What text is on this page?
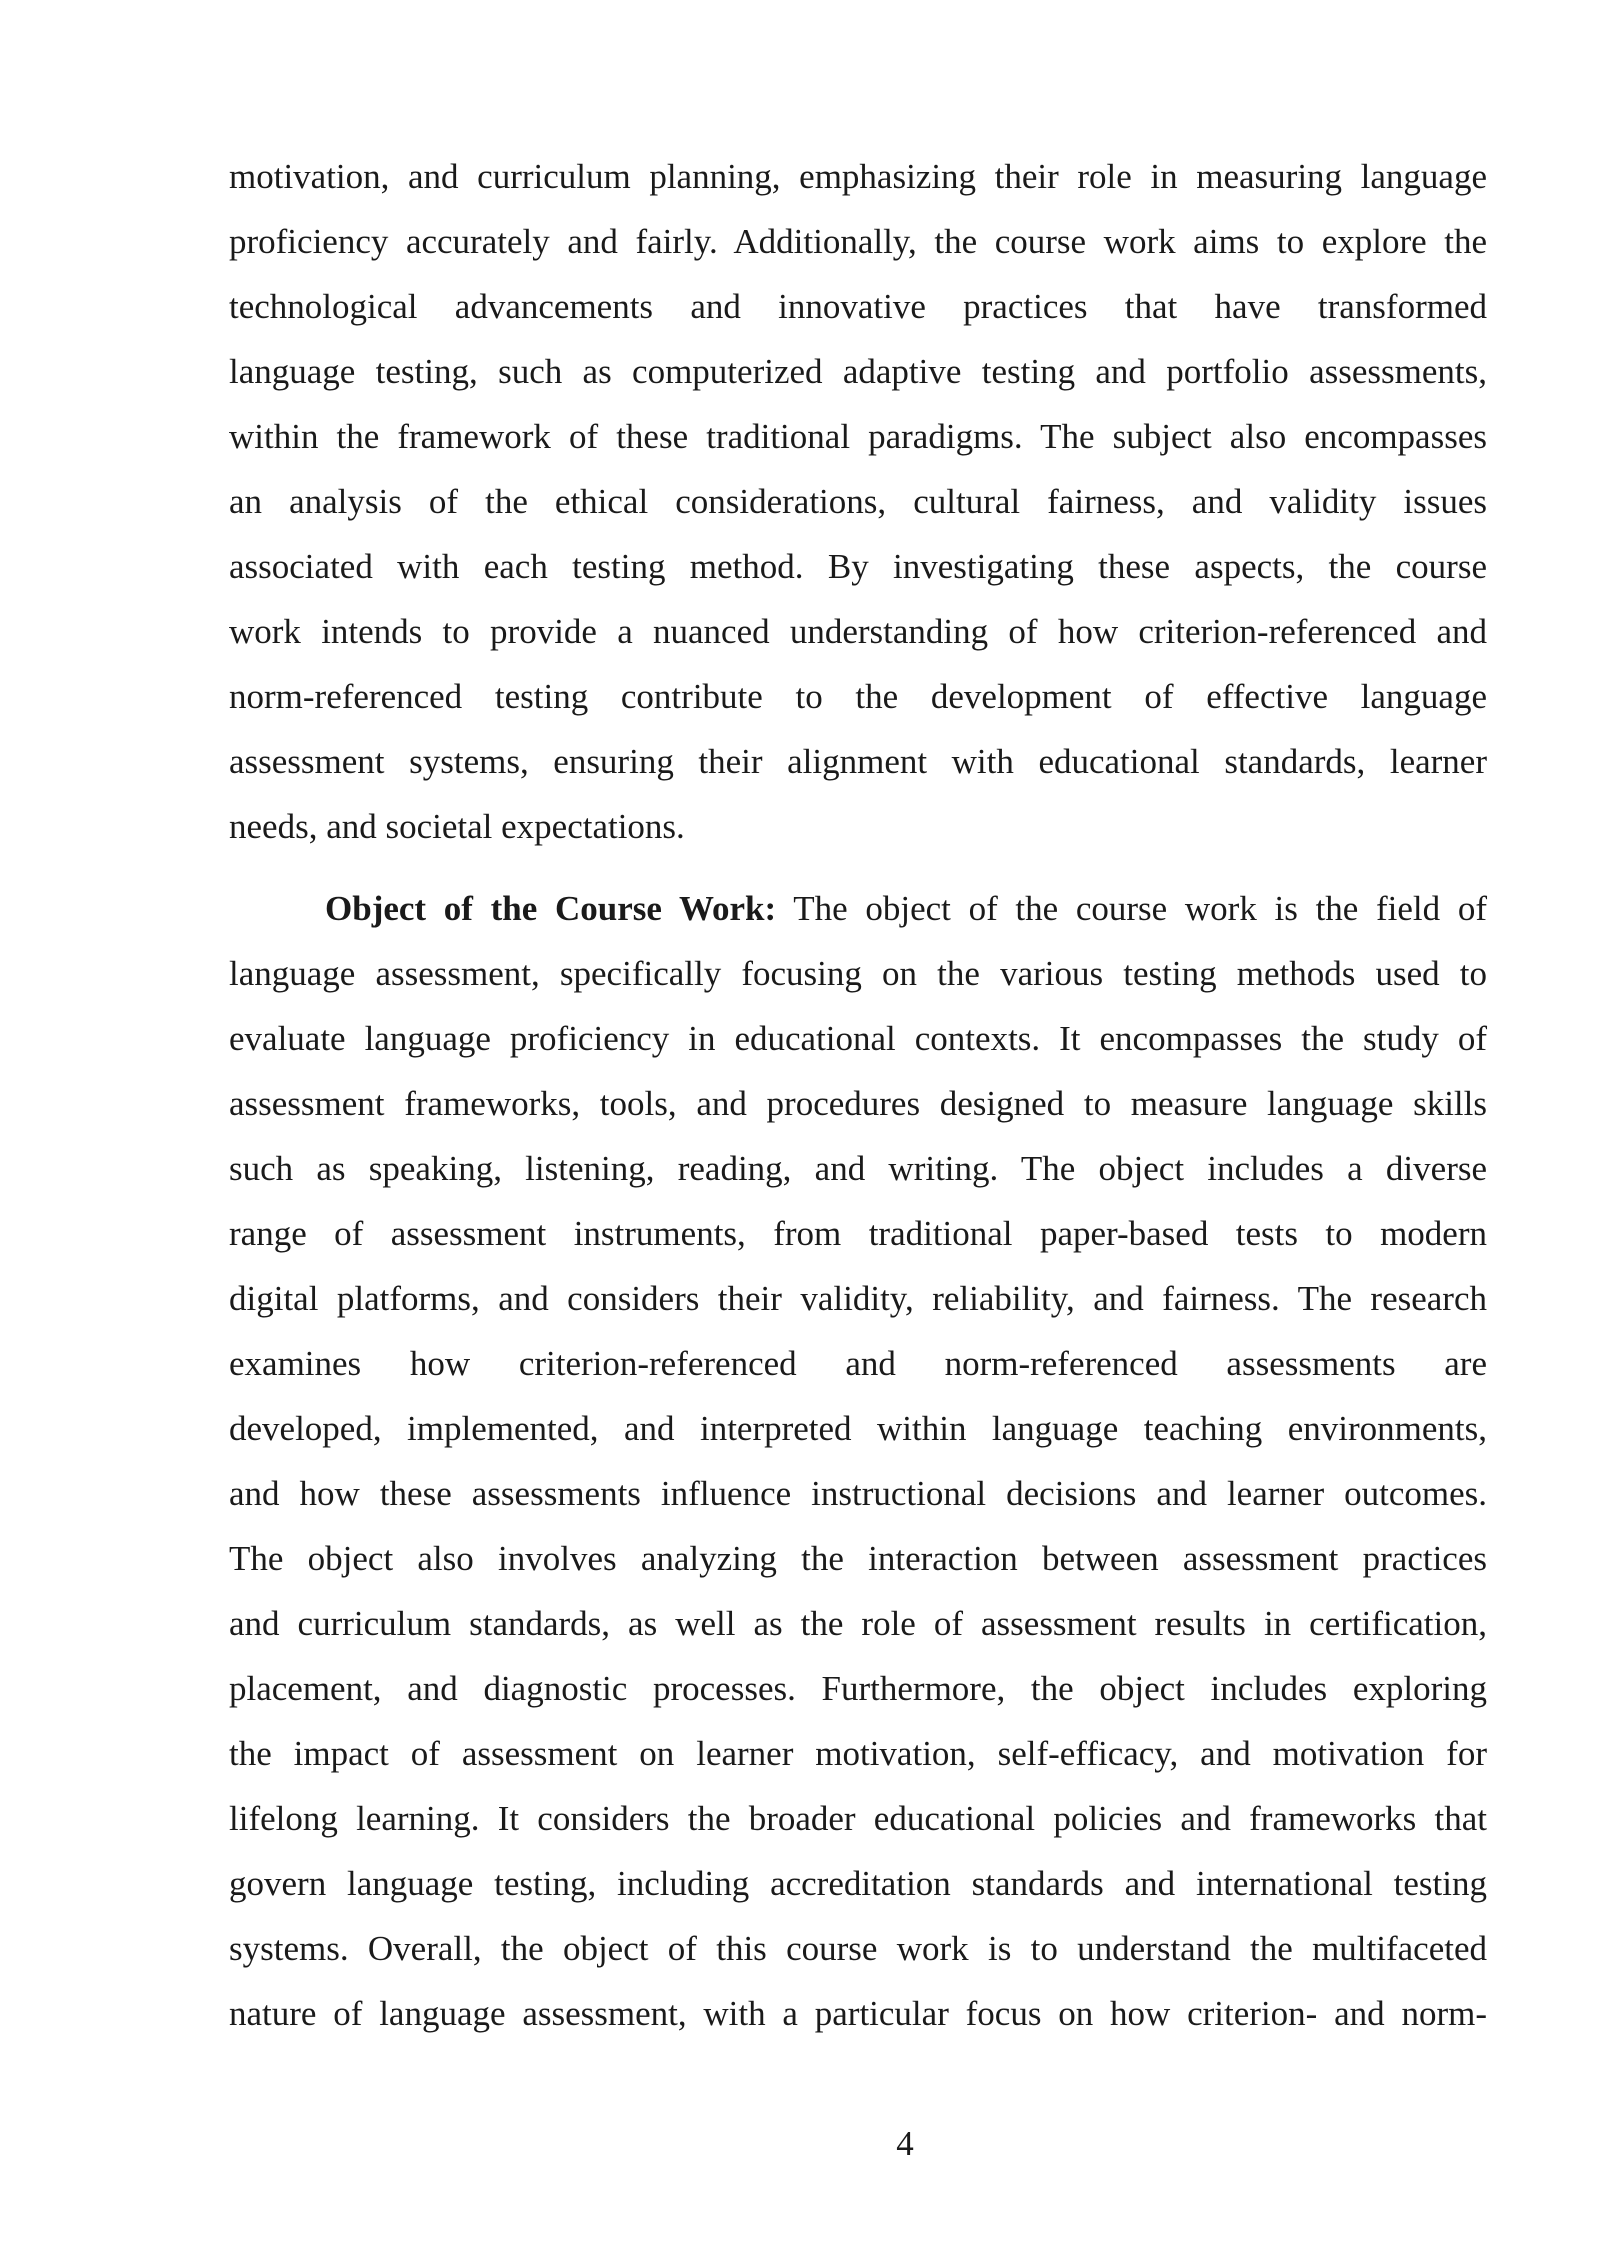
motivation, and curriculum planning, emphasizing their role in measuring language
proficiency accurately and fairly. Additionally, the course work aims to explore the
technological advancements and innovative practices that have transformed
language testing, such as computerized adaptive testing and portfolio assessments,
within the framework of these traditional paradigms. The subject also encompasses
an analysis of the ethical considerations, cultural fairness, and validity issues
associated with each testing method. By investigating these aspects, the course
work intends to provide a nuanced understanding of how criterion-referenced and
norm-referenced testing contribute to the development of effective language
assessment systems, ensuring their alignment with educational standards, learner
needs, and societal expectations.
Object of the Course Work: The object of the course work is the field of
language assessment, specifically focusing on the various testing methods used to
evaluate language proficiency in educational contexts. It encompasses the study of
assessment frameworks, tools, and procedures designed to measure language skills
such as speaking, listening, reading, and writing. The object includes a diverse
range of assessment instruments, from traditional paper-based tests to modern
digital platforms, and considers their validity, reliability, and fairness. The research
examines how criterion-referenced and norm-referenced assessments are
developed, implemented, and interpreted within language teaching environments,
and how these assessments influence instructional decisions and learner outcomes.
The object also involves analyzing the interaction between assessment practices
and curriculum standards, as well as the role of assessment results in certification,
placement, and diagnostic processes. Furthermore, the object includes exploring
the impact of assessment on learner motivation, self-efficacy, and motivation for
lifelong learning. It considers the broader educational policies and frameworks that
govern language testing, including accreditation standards and international testing
systems. Overall, the object of this course work is to understand the multifaceted
nature of language assessment, with a particular focus on how criterion- and norm-
4
